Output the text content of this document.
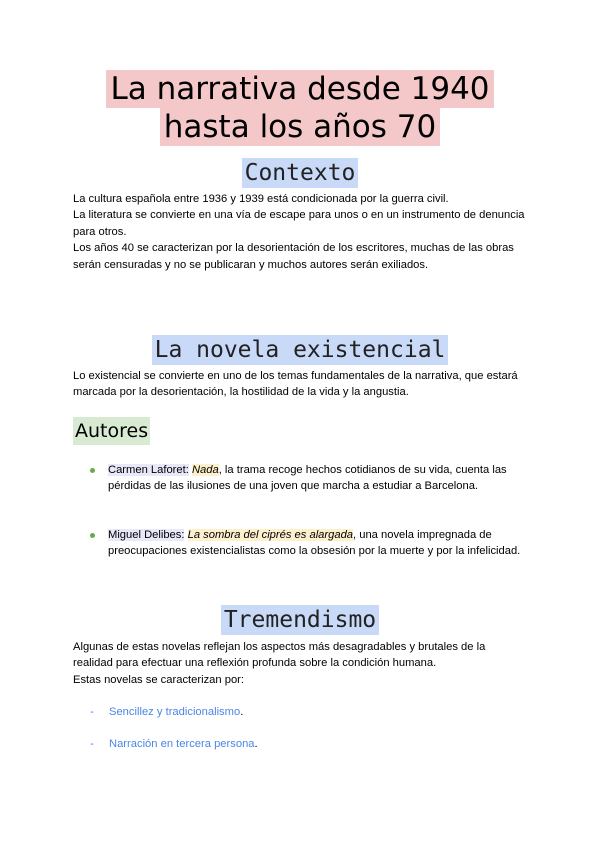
La narrativa desde 1940
hasta los años 70
Contexto

La cultura española entre 1936 y 1939 está condicionada por la guerra civil.

La literatura se convierte en una vía de escape para unos o en un instrumento de denuncia para otros.

Los años 40 se caracterizan por la desorientación de los escritores, muchas de las obras serán censuradas y no se publicaran y muchos autores serán exiliados.

La novela existencial

Lo existencial se convierte en uno de los temas fundamentales de la narrativa, que estará marcada por la desorientación, la hostilidad de la vida y la angustia.

Autores
Carmen Laforet: Nada, la trama recoge hechos cotidianos de su vida, cuenta las pérdidas de las ilusiones de una joven que marcha a estudiar a Barcelona.
Miguel Delibes: La sombra del ciprés es alargada, una novela impregnada de preocupaciones existencialistas como la obsesión por la muerte y por la infelicidad.
Tremendismo

Algunas de estas novelas reflejan los aspectos más desagradables y brutales de la realidad para efectuar una reflexión profunda sobre la condición humana.

Estas novelas se caracterizan por:

- Sencillez y tradicionalismo.
- Narración en tercera persona.
